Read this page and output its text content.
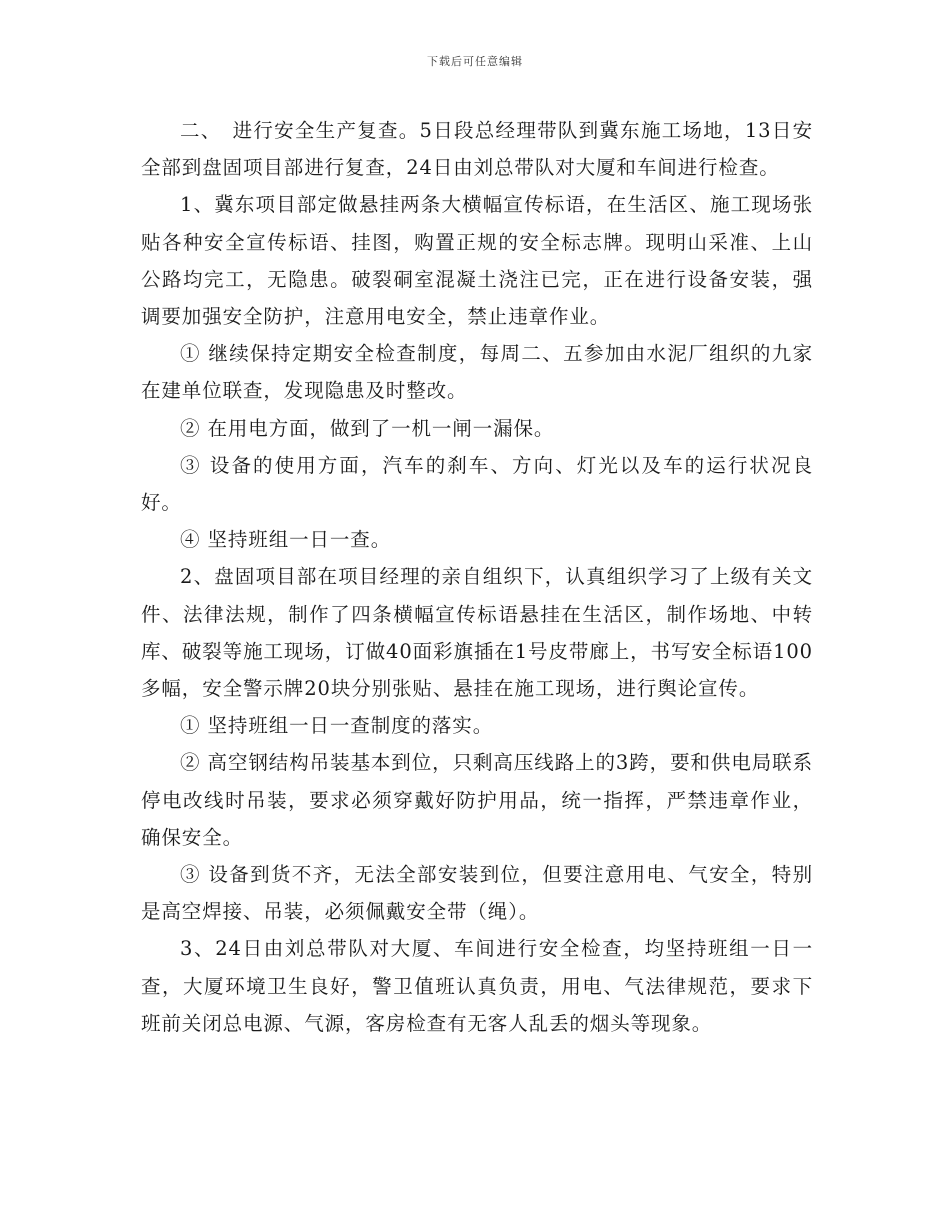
下载后可任意编辑

二、　进行安全生产复查。5日段总经理带队到冀东施工场地，13日安全部到盘固项目部进行复查，24日由刘总带队对大厦和车间进行检查。

1、冀东项目部定做悬挂两条大横幅宣传标语，在生活区、施工现场张贴各种安全宣传标语、挂图，购置正规的安全标志牌。现明山采准、上山公路均完工，无隐患。破裂硐室混凝土浇注已完，正在进行设备安装，强调要加强安全防护，注意用电安全，禁止违章作业。

① 继续保持定期安全检查制度，每周二、五参加由水泥厂组织的九家在建单位联查，发现隐患及时整改。

② 在用电方面，做到了一机一闸一漏保。

③ 设备的使用方面，汽车的刹车、方向、灯光以及车的运行状况良好。

④ 坚持班组一日一查。

2、盘固项目部在项目经理的亲自组织下，认真组织学习了上级有关文件、法律法规，制作了四条横幅宣传标语悬挂在生活区，制作场地、中转库、破裂等施工现场，订做40面彩旗插在1号皮带廊上，书写安全标语100多幅，安全警示牌20块分别张贴、悬挂在施工现场，进行舆论宣传。

① 坚持班组一日一查制度的落实。

② 高空钢结构吊装基本到位，只剩高压线路上的3跨，要和供电局联系停电改线时吊装，要求必须穿戴好防护用品，统一指挥，严禁违章作业，确保安全。

③ 设备到货不齐，无法全部安装到位，但要注意用电、气安全，特别是高空焊接、吊装，必须佩戴安全带（绳）。

3、24日由刘总带队对大厦、车间进行安全检查，均坚持班组一日一查，大厦环境卫生良好，警卫值班认真负责，用电、气法律规范，要求下班前关闭总电源、气源，客房检查有无客人乱丢的烟头等现象。
